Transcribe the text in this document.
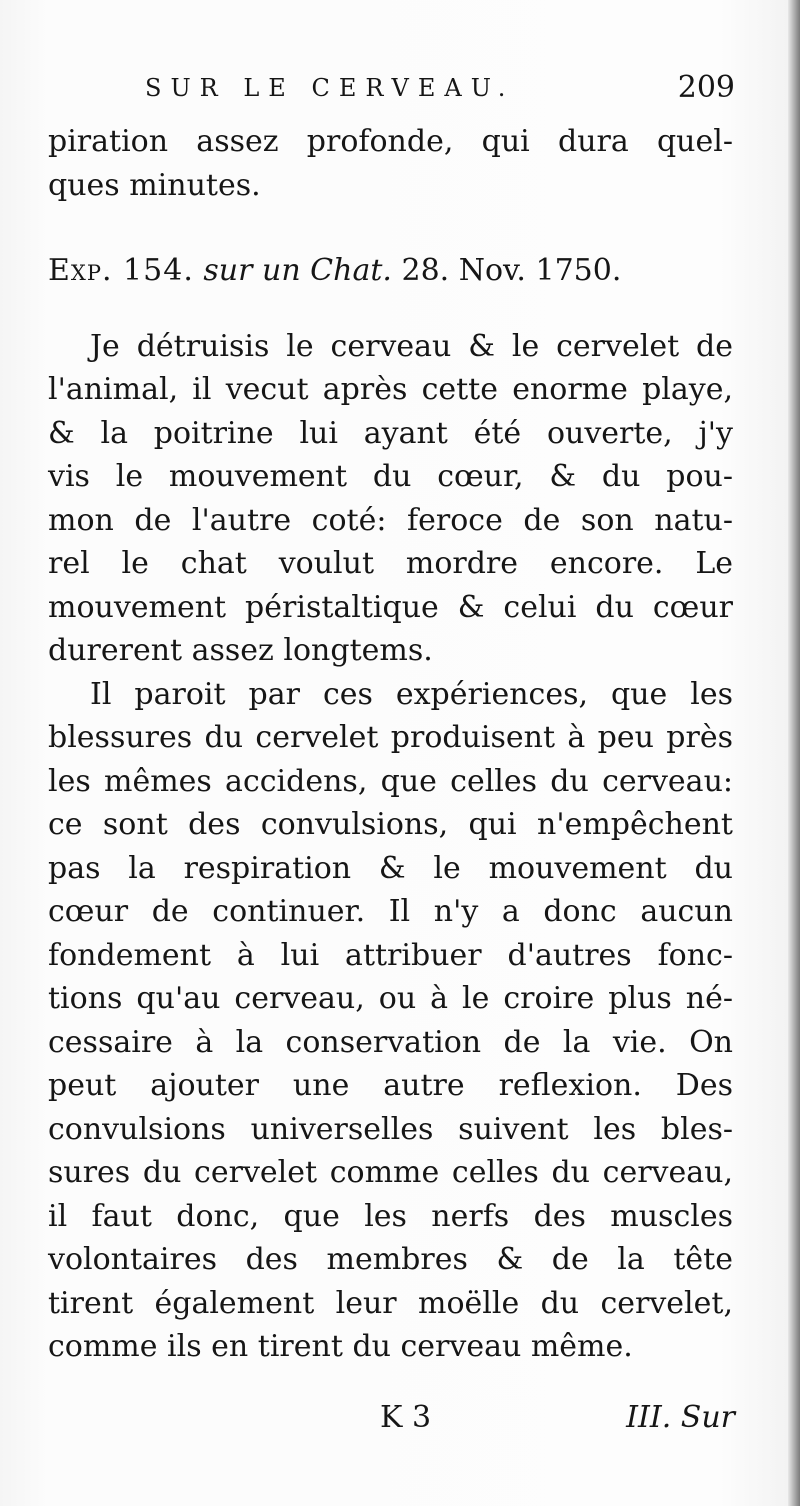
SUR LE CERVEAU.	209
piration assez profonde, qui dura quel-
ques minutes.
Exp. 154. sur un Chat. 28. Nov. 1750.
Je détruisis le cerveau & le cervelet de
l'animal, il vecut après cette enorme playe,
& la poitrine lui ayant été ouverte, j'y
vis le mouvement du cœur, & du pou-
mon de l'autre coté: feroce de son natu-
rel le chat voulut mordre encore. Le
mouvement péristaltique & celui du cœur
durerent assez longtems.
Il paroit par ces expériences, que les
blessures du cervelet produisent à peu près
les mêmes accidens, que celles du cerveau:
ce sont des convulsions, qui n'empêchent
pas la respiration & le mouvement du
cœur de continuer. Il n'y a donc aucun
fondement à lui attribuer d'autres fonc-
tions qu'au cerveau, ou à le croire plus né-
cessaire à la conservation de la vie. On
peut ajouter une autre reflexion. Des
convulsions universelles suivent les bles-
sures du cervelet comme celles du cerveau,
il faut donc, que les nerfs des muscles
volontaires des membres & de la tête
tirent également leur moëlle du cervelet,
comme ils en tirent du cerveau même.
K 3	III. Sur
